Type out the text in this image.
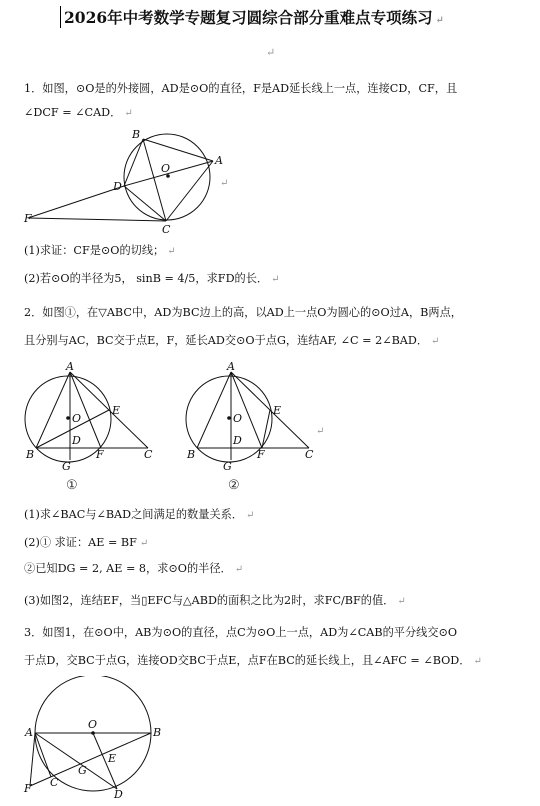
2026年中考数学专题复习圆综合部分重难点专项练习 ↵
↵
1．如图，⊙O是的外接圆，AD是⊙O的直径，F是AD延长线上一点，连接CD，CF，且
∠DCF = ∠CAD． ↵
B
O
A
D
F
C
↵
(1)求证：CF是⊙O的切线； ↵
(2)若⊙O的半径为5， sinB = 4/5，求FD的长． ↵
2．如图①，在▽ABC中，AD为BC边上的高，以AD上一点O为圆心的⊙O过A，B两点，
且分别与AC，BC交于点E，F，延长AD交⊙O于点G，连结AF, ∠C = 2∠BAD． ↵
A
O
E
D
B
G
F	C
①
A
O
E
D
B
G
F	C
②
↵
(1)求∠BAC与∠BAD之间满足的数量关系． ↵
(2)① 求证：AE = BF ↵
②已知DG = 2, AE = 8，求⊙O的半径． ↵
(3)如图2，连结EF，当▯EFC与△ABD的面积之比为2时，求FC/BF的值． ↵
3．如图1，在⊙O中，AB为⊙O的直径，点C为⊙O上一点，AD为∠CAB的平分线交⊙O
于点D，交BC于点G，连接OD交BC于点E，点F在BC的延长线上，且∠AFC = ∠BOD． ↵
O
A	B
E
G
C
F	D
